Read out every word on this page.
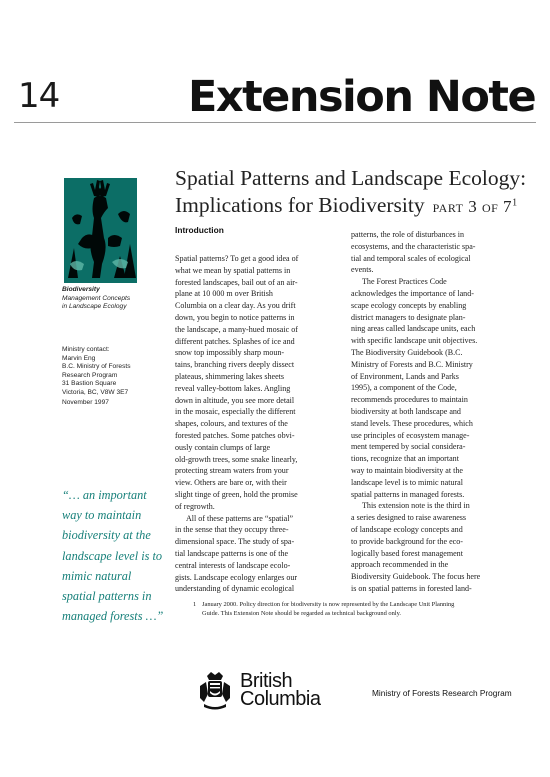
14	Extension Note
Spatial Patterns and Landscape Ecology:
Implications for Biodiversity part 3 of $7^1$
Biodiversity
Management Concepts
in Landscape Ecology
Ministry contact:
Marvin Eng
B.C. Ministry of Forests
Research Program
31 Bastion Square
Victoria, BC, V8W 3E7
November 1997
“… an important
way to maintain
biodiversity at the
landscape level is to
mimic natural
spatial patterns in
managed forests …”
Introduction
Spatial patterns? To get a good idea of
what we mean by spatial patterns in
forested landscapes, bail out of an air-
plane at 10 000 m over British
Columbia on a clear day. As you drift
down, you begin to notice patterns in
the landscape, a many-hued mosaic of
different patches. Splashes of ice and
snow top impossibly sharp moun-
tains, branching rivers deeply dissect
plateaus, shimmering lakes sheets
reveal valley-bottom lakes. Angling
down in altitude, you see more detail
in the mosaic, especially the different
shapes, colours, and textures of the
forested patches. Some patches obvi-
ously contain clumps of large
old-growth trees, some snake linearly,
protecting stream waters from your
view. Others are bare or, with their
slight tinge of green, hold the promise
of regrowth.
All of these patterns are “spatial”
in the sense that they occupy three-
dimensional space. The study of spa-
tial landscape patterns is one of the
central interests of landscape ecolo-
gists. Landscape ecology enlarges our
understanding of dynamic ecological
patterns, the role of disturbances in
ecosystems, and the characteristic spa-
tial and temporal scales of ecological
events.
The Forest Practices Code
acknowledges the importance of land-
scape ecology concepts by enabling
district managers to designate plan-
ning areas called landscape units, each
with specific landscape unit objectives.
The Biodiversity Guidebook (B.C.
Ministry of Forests and B.C. Ministry
of Environment, Lands and Parks
1995), a component of the Code,
recommends procedures to maintain
biodiversity at both landscape and
stand levels. These procedures, which
use principles of ecosystem manage-
ment tempered by social considera-
tions, recognize that an important
way to maintain biodiversity at the
landscape level is to mimic natural
spatial patterns in managed forests.
This extension note is the third in
a series designed to raise awareness
of landscape ecology concepts and
to provide background for the eco-
logically based forest management
approach recommended in the
Biodiversity Guidebook. The focus here
is on spatial patterns in forested land-
1 January 2000. Policy direction for biodiversity is now represented by the Landscape Unit Planning
Guide. This Extension Note should be regarded as technical background only.
British
Columbia	Ministry of Forests Research Program
